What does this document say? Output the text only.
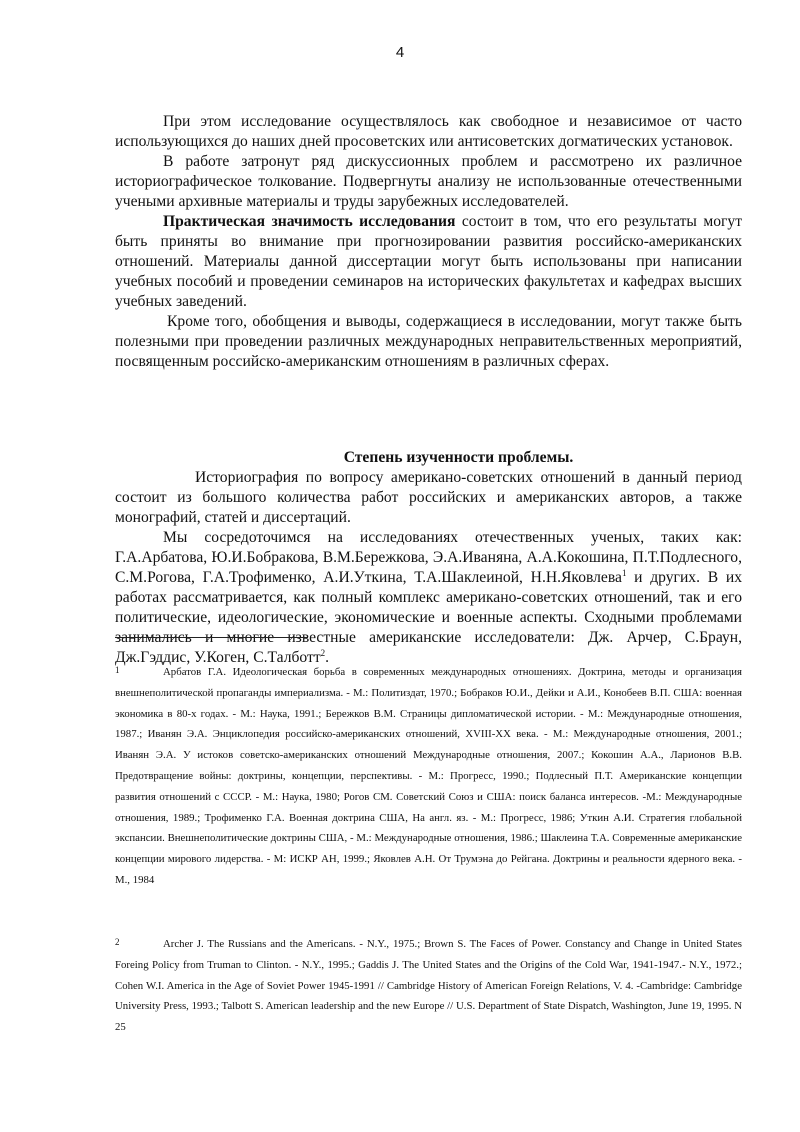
4

При этом исследование осуществлялось как свободное и независимое от часто использующихся до наших дней просоветских или антисоветских догматических установок.

В работе затронут ряд дискуссионных проблем и рассмотрено их различное историографическое толкование. Подвергнуты анализу не использованные отечественными учеными архивные материалы и труды зарубежных исследователей.

Практическая значимость исследования состоит в том, что его результаты могут быть приняты во внимание при прогнозировании развития российско-американских отношений. Материалы данной диссертации могут быть использованы при написании учебных пособий и проведении семинаров на исторических факультетах и кафедрах высших учебных заведений.

Кроме того, обобщения и выводы, содержащиеся в исследовании, могут также быть полезными при проведении различных международных неправительственных мероприятий, посвященным российско-американским отношениям в различных сферах.

Степень изученности проблемы.

Историография по вопросу американо-советских отношений в данный период состоит из большого количества работ российских и американских авторов, а также монографий, статей и диссертаций.

Мы сосредоточимся на исследованиях отечественных ученых, таких как: Г.А.Арбатова, Ю.И.Бобракова, В.М.Бережкова, Э.А.Иваняна, А.А.Кокошина, П.Т.Подлесного, С.М.Рогова, Г.А.Трофименко, А.И.Уткина, Т.А.Шаклеиной, Н.Н.Яковлева$^1$ и других. В их работах рассматривается, как полный комплекс американо-советских отношений, так и его политические, идеологические, экономические и военные аспекты. Сходными проблемами занимались и многие известные американские исследователи: Дж. Арчер, С.Браун, Дж.Гэддис, У.Коген, С.Талботт$^2$.

1	Арбатов Г.А. Идеологическая борьба в современных международных отношениях. Доктрина, методы и организация внешнеполитической пропаганды империализма. - М.: Политиздат, 1970.; Бобраков Ю.И., Дейки и А.И., Конобеев В.П. США: военная экономика в 80-х годах. - М.: Наука, 1991.; Бережков В.М. Страницы дипломатической истории. - М.: Международные отношения, 1987.; Иванян Э.А. Энциклопедия российско-американских отношений, XVIII-XX века. - М.: Международные отношения, 2001.; Иванян Э.А. У истоков советско-американских отношений Международные отношения, 2007.; Кокошин А.А., Ларионов В.В. Предотвращение войны: доктрины, концепции, перспективы. - М.: Прогресс, 1990.; Подлесный П.Т. Американские концепции развития отношений с СССР. - М.: Наука, 1980; Рогов СМ. Советский Союз и США: поиск баланса интересов. -М.: Международные отношения, 1989.; Трофименко Г.А. Военная доктрина США, На англ. яз. - М.: Прогресс, 1986; Уткин А.И. Стратегия глобальной экспансии. Внешнеполитические доктрины США, - М.: Международные отношения, 1986.; Шаклеина Т.А. Современные американские концепции мирового лидерства. - М: ИСКР АН, 1999.; Яковлев А.Н. От Трумэна до Рейгана. Доктрины и реальности ядерного века. - М., 1984

2	Archer J. The Russians and the Americans. - N.Y., 1975.; Brown S. The Faces of Power. Constancy and Change in United States Foreing Policy from Truman to Clinton. - N.Y., 1995.; Gaddis J. The United States and the Origins of the Cold War, 1941-1947.- N.Y., 1972.; Cohen W.I. America in the Age of Soviet Power 1945-1991 // Cambridge History of American Foreign Relations, V. 4. -Cambridge: Cambridge University Press, 1993.; Talbott S. American leadership and the new Europe // U.S. Department of State Dispatch, Washington, June 19, 1995. N 25
